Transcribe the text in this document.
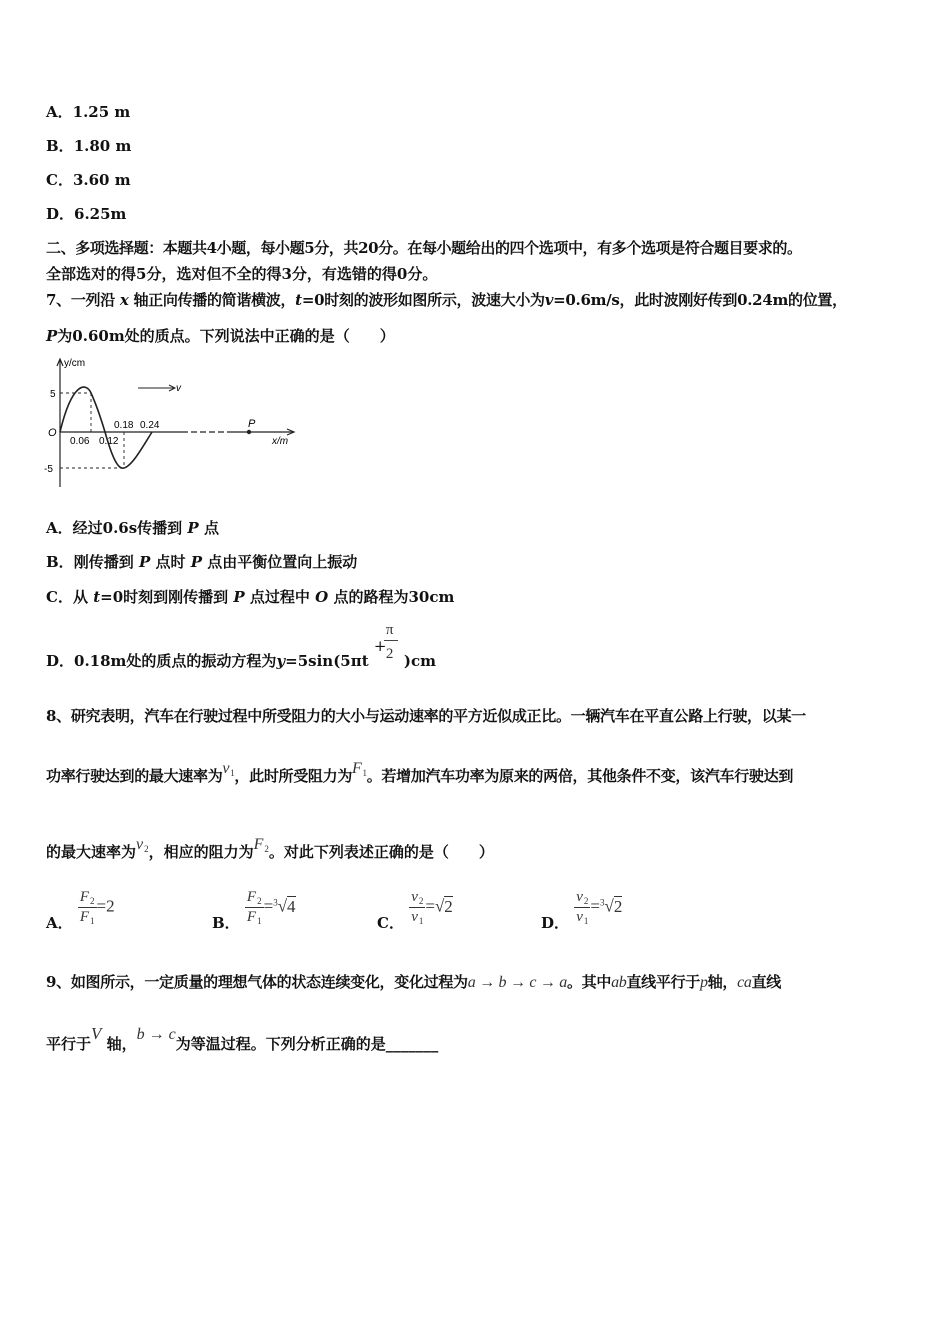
A．1.25 m
B．1.80 m
C．3.60 m
D．6.25m
二、多项选择题：本题共4小题，每小题5分，共20分。在每小题给出的四个选项中，有多个选项是符合题目要求的。
全部选对的得5分，选对但不全的得3分，有选错的得0分。
7、一列沿 x 轴正向传播的简谐横波，t=0时刻的波形如图所示，波速大小为v=0.6m/s，此时波刚好传到0.24m的位置，
P为0.60m处的质点。下列说法中正确的是（　　）
y/cm
x/m
v
O
P
5
-5
0.06 0.12
0.18 0.24
A．经过0.6s传播到 P 点
B．刚传播到 P 点时 P 点由平衡位置向上振动
C．从 t=0时刻到刚传播到 P 点过程中 O 点的路程为30cm
D．0.18m处的质点的振动方程为y=5sin(5πt
+
π
2 )cm
8、研究表明，汽车在行驶过程中所受阻力的大小与运动速率的平方近似成正比。一辆汽车在平直公路上行驶，以某一
功率行驶达到的最大速率为v1，此时所受阻力为F1。若增加汽车功率为原来的两倍，其他条件不变，该汽车行驶达到
的最大速率为v2，相应的阻力为F2。对此下列表述正确的是（　　）
A． $\frac{F_2}{F_1} =2$
B． $\frac{F_2}{F_1} =^3√4$
C． $\frac{v_2}{v_1} =√2$
D． $\frac{v_2}{v_1} =^3√2$
9、如图所示，一定质量的理想气体的状态连续变化，变化过程为a → b → c → a。其中ab直线平行于p轴，ca直线
平行于V 轴，b → c为等温过程。下列分析正确的是_______
